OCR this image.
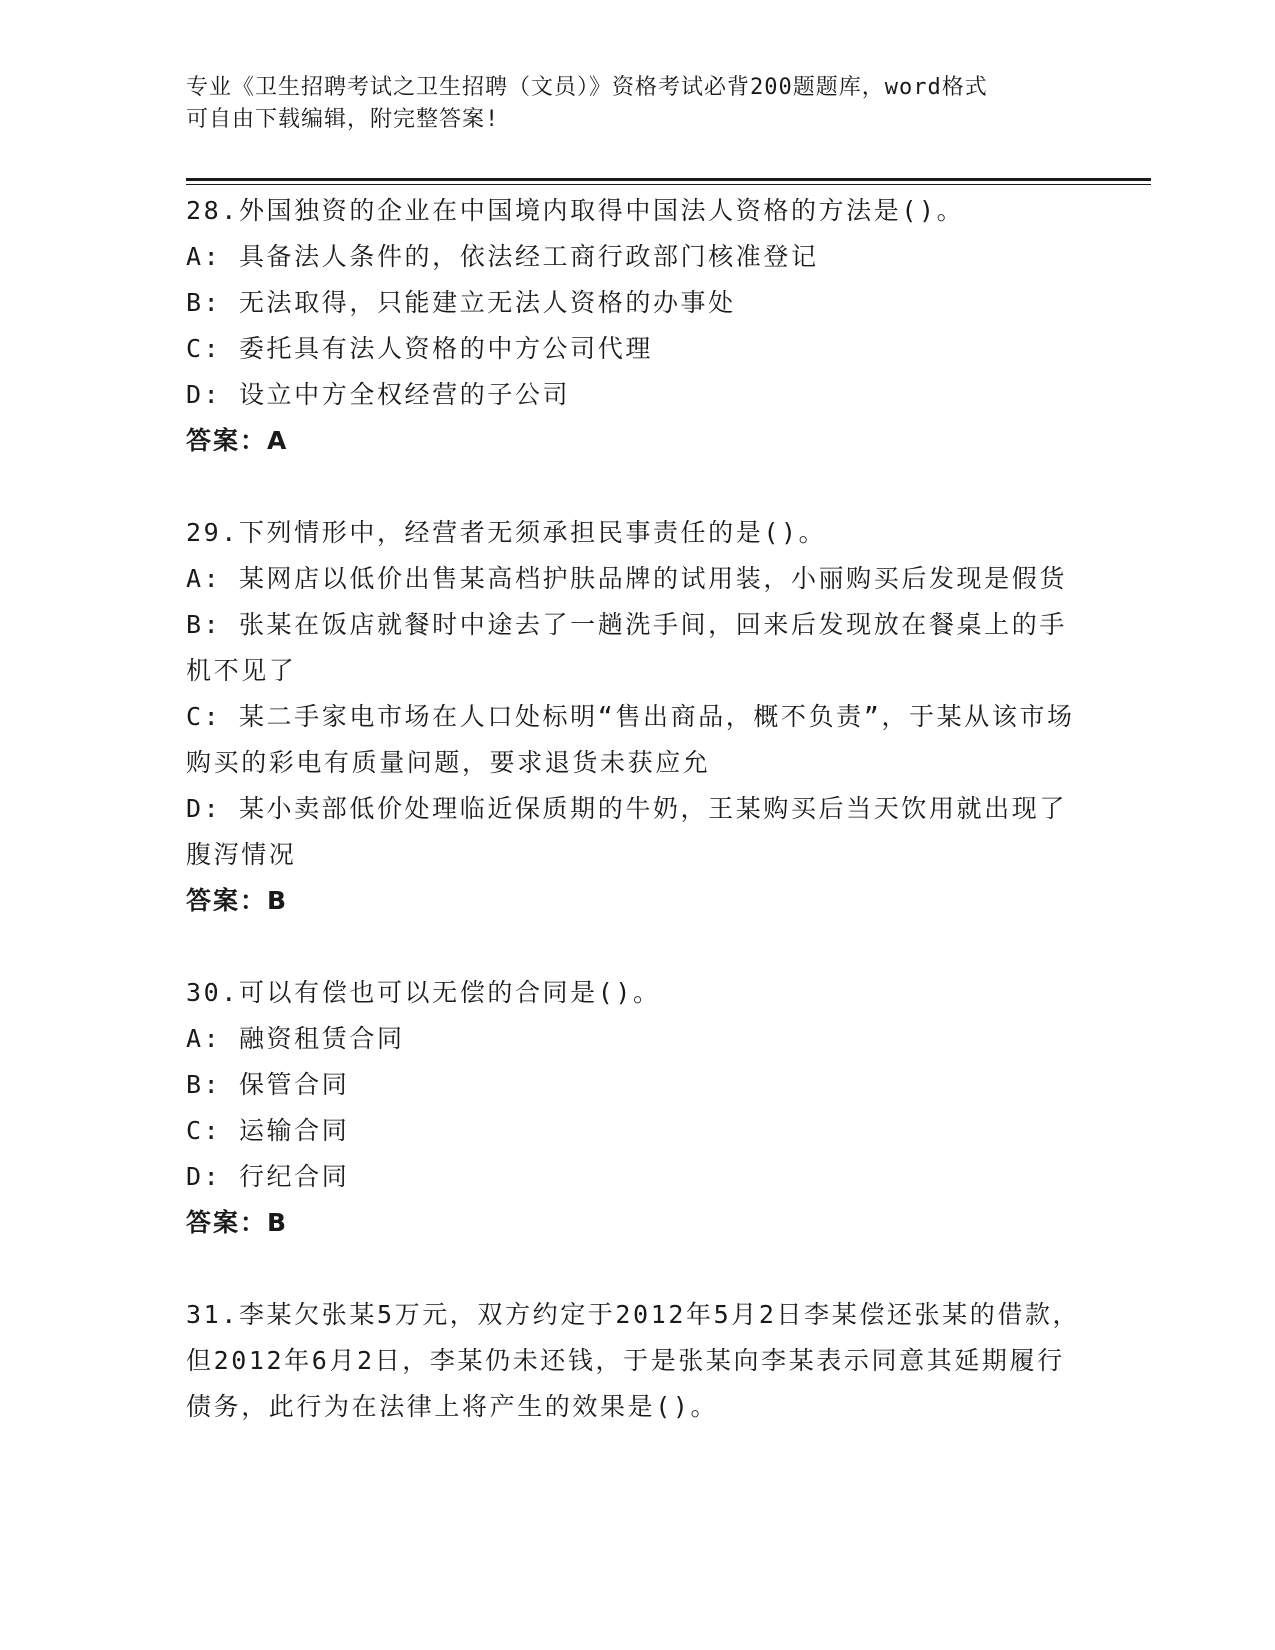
专业《卫生招聘考试之卫生招聘（文员）》资格考试必背200题题库，word格式
可自由下载编辑，附完整答案!
28.外国独资的企业在中国境内取得中国法人资格的方法是()。
A: 具备法人条件的，依法经工商行政部门核准登记
B: 无法取得，只能建立无法人资格的办事处
C: 委托具有法人资格的中方公司代理
D: 设立中方全权经营的子公司
答案：A
29.下列情形中，经营者无须承担民事责任的是()。
A: 某网店以低价出售某高档护肤品牌的试用装，小丽购买后发现是假货
B: 张某在饭店就餐时中途去了一趟洗手间，回来后发现放在餐桌上的手机不见了
C: 某二手家电市场在人口处标明“售出商品，概不负责”，于某从该市场购买的彩电有质量问题，要求退货未获应允
D: 某小卖部低价处理临近保质期的牛奶，王某购买后当天饮用就出现了腹泻情况
答案：B
30.可以有偿也可以无偿的合同是()。
A: 融资租赁合同
B: 保管合同
C: 运输合同
D: 行纪合同
答案：B
31.李某欠张某5万元，双方约定于2012年5月2日李某偿还张某的借款，但2012年6月2日，李某仍未还钱，于是张某向李某表示同意其延期履行债务，此行为在法律上将产生的效果是()。
